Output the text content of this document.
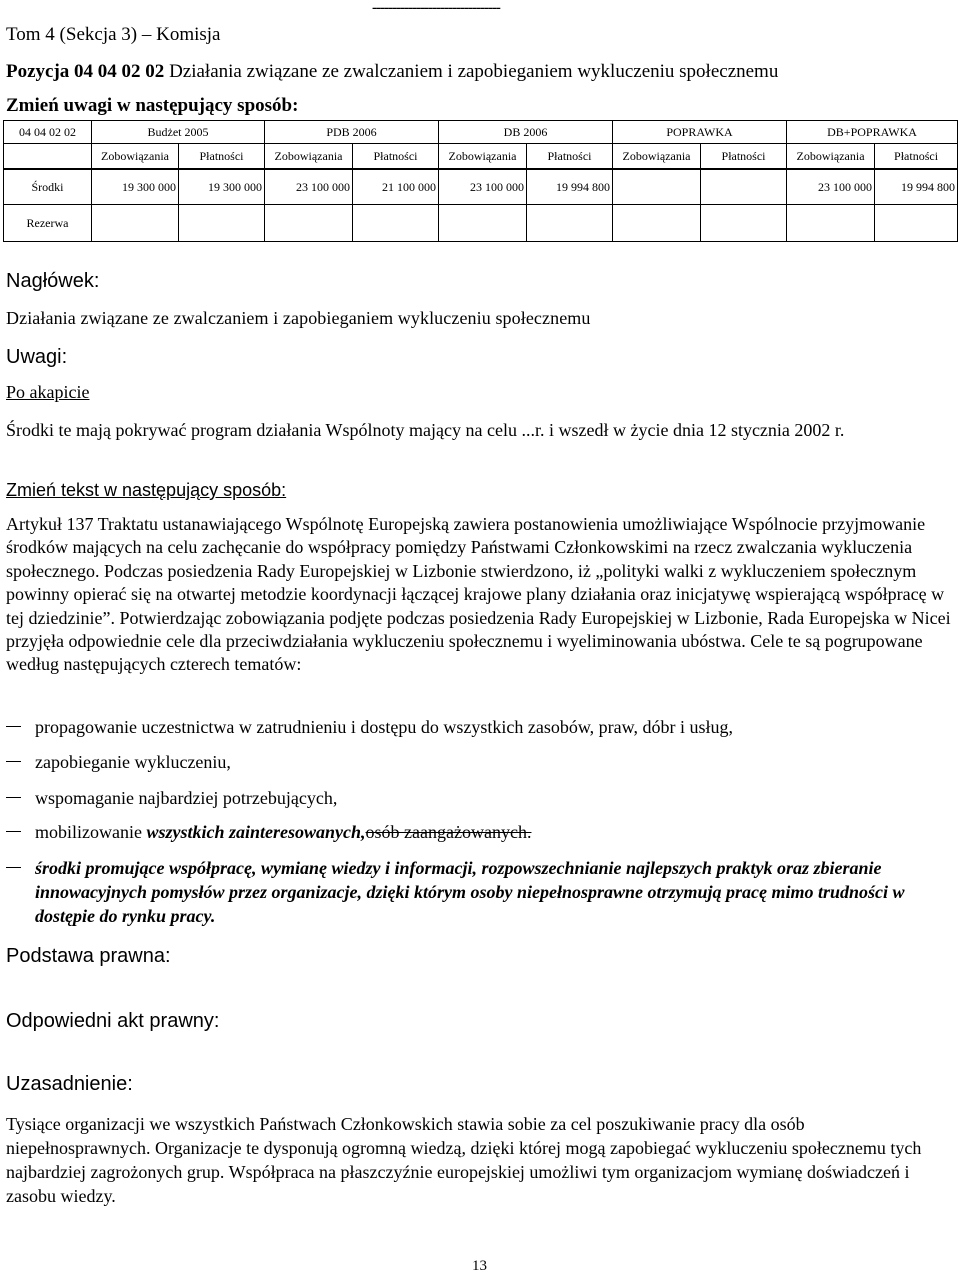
--------------------------------
Tom 4 (Sekcja 3) – Komisja
Pozycja 04 04 02 02 Działania związane ze zwalczaniem i zapobieganiem wykluczeniu społecznemu
Zmień uwagi w następujący sposób:
04 04 02 02	Budżet 2005		PDB 2006		DB 2006		POPRAWKA		DB+POPRAWKA	
	Zobowiązania	Płatności	Zobowiązania	Płatności	Zobowiązania	Płatności	Zobowiązania	Płatności	Zobowiązania	Płatności
Środki	19 300 000	19 300 000	23 100 000	21 100 000	23 100 000	19 994 800			23 100 000	19 994 800
Rezerwa										
Nagłówek:
Działania związane ze zwalczaniem i zapobieganiem wykluczeniu społecznemu
Uwagi:
Po akapicie
Środki te mają pokrywać program działania Wspólnoty mający na celu ...r. i wszedł w życie dnia 12 stycznia 2002 r.
Zmień tekst w następujący sposób:
Artykuł 137 Traktatu ustanawiającego Wspólnotę Europejską zawiera postanowienia umożliwiające Wspólnocie przyjmowanie środków mających na celu zachęcanie do współpracy pomiędzy Państwami Członkowskimi na rzecz zwalczania wykluczenia społecznego. Podczas posiedzenia Rady Europejskiej w Lizbonie stwierdzono, iż „polityki walki z wykluczeniem społecznym powinny opierać się na otwartej metodzie koordynacji łączącej krajowe plany działania oraz inicjatywę wspierającą współpracę w tej dziedzinie”. Potwierdzając zobowiązania podjęte podczas posiedzenia Rady Europejskiej w Lizbonie, Rada Europejska w Nicei przyjęła odpowiednie cele dla przeciwdziałania wykluczeniu społecznemu i wyeliminowania ubóstwa. Cele te są pogrupowane według następujących czterech tematów:
propagowanie uczestnictwa w zatrudnieniu i dostępu do wszystkich zasobów, praw, dóbr i usług,
zapobieganie wykluczeniu,
wspomaganie najbardziej potrzebujących,
mobilizowanie wszystkich zainteresowanych,osób zaangażowanych.
środki promujące współpracę, wymianę wiedzy i informacji, rozpowszechnianie najlepszych praktyk oraz zbieranie innowacyjnych pomysłów przez organizacje, dzięki którym osoby niepełnosprawne otrzymują pracę mimo trudności w dostępie do rynku pracy.
Podstawa prawna:
Odpowiedni akt prawny:
Uzasadnienie:
Tysiące organizacji we wszystkich Państwach Członkowskich stawia sobie za cel poszukiwanie pracy dla osób niepełnosprawnych. Organizacje te dysponują ogromną wiedzą, dzięki której mogą zapobiegać wykluczeniu społecznemu tych najbardziej zagrożonych grup. Współpraca na płaszczyźnie europejskiej umożliwi tym organizacjom wymianę doświadczeń i zasobu wiedzy.
13
